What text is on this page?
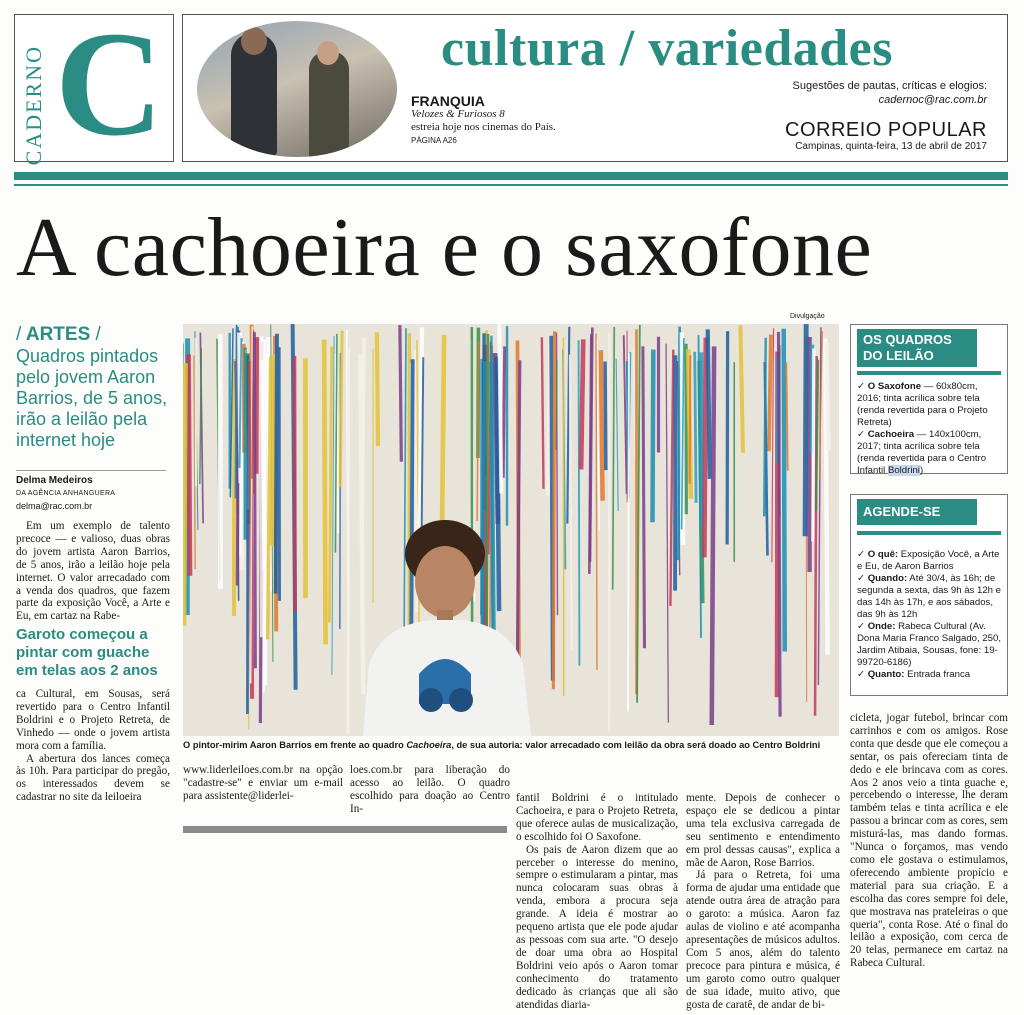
CADERNO C	cultura / variedades
FRANQUIA
Velozes & Furiosos 8
estreia hoje nos cinemas do País. PÁGINA A26
Sugestões de pautas, críticas e elogios:
cadernoc@rac.com.br
CORREIO POPULAR
Campinas, quinta-feira, 13 de abril de 2017
A cachoeira e o saxofone
/ ARTES /
Quadros pintados pelo jovem Aaron Barrios, de 5 anos, irão a leilão pela internet hoje
Delma Medeiros
DA AGÊNCIA ANHANGUERA
delma@rac.com.br

Em um exemplo de talento precoce — e valioso, duas obras do jovem artista Aaron Barrios, de 5 anos, irão a leilão hoje pela internet. O valor arrecadado com a venda dos quadros, que fazem parte da exposição Você, a Arte e Eu, em cartaz na Rabe-

Garoto começou a pintar com guache em telas aos 2 anos

ca Cultural, em Sousas, será revertido para o Centro Infantil Boldrini e o Projeto Retreta, de Vinhedo — onde o jovem artista mora com a família.

A abertura dos lances começa às 10h. Para participar do pregão, os interessados devem se cadastrar no site da leiloeira

Divulgação
O pintor-mirim Aaron Barrios em frente ao quadro Cachoeira, de sua autoria: valor arrecadado com leilão da obra será doado ao Centro Boldrini

www.liderleiloes.com.br na opção "cadastre-se" e enviar um e-mail para assistente@liderlei-

loes.com.br para liberação do acesso ao leilão. O quadro escolhido para doação ao Centro In-

fantil Boldrini é o intitulado Cachoeira, e para o Projeto Retreta, que oferece aulas de musicalização, o escolhido foi O Saxofone.

Os pais de Aaron dizem que ao perceber o interesse do menino, sempre o estimularam a pintar, mas nunca colocaram suas obras à venda, embora a procura seja grande. A ideia é mostrar ao pequeno artista que ele pode ajudar as pessoas com sua arte. "O desejo de doar uma obra ao Hospital Boldrini veio após o Aaron tomar conhecimento do tratamento dedicado às crianças que ali são atendidas diaria-

mente. Depois de conhecer o espaço ele se dedicou a pintar uma tela exclusiva carregada de seu sentimento e entendimento em prol dessas causas", explica a mãe de Aaron, Rose Barrios.

Já para o Retreta, foi uma forma de ajudar uma entidade que atende outra área de atração para o garoto: a música. Aaron faz aulas de violino e até acompanha apresentações de músicos adultos. Com 5 anos, além do talento precoce para pintura e música, é um garoto como outro qualquer de sua idade, muito ativo, que gosta de caratê, de andar de bi-

cicleta, jogar futebol, brincar com carrinhos e com os amigos. Rose conta que desde que ele começou a sentar, os pais ofereciam tinta de dedo e ele brincava com as cores. Aos 2 anos veio a tinta guache e, percebendo o interesse, lhe deram também telas e tinta acrílica e ele passou a brincar com as cores, sem misturá-las, mas dando formas. "Nunca o forçamos, mas vendo como ele gostava o estimulamos, oferecendo ambiente propício e material para sua criação. E a escolha das cores sempre foi dele, que mostrava nas prateleiras o que queria", conta Rose. Até o final do leilão a exposição, com cerca de 20 telas, permanece em cartaz na Rabeca Cultural.

OS QUADROS DO LEILÃO
✓ O Saxofone — 60x80cm, 2016; tinta acrílica sobre tela (renda revertida para o Projeto Retreta)
✓ Cachoeira — 140x100cm, 2017; tinta acrílica sobre tela (renda revertida para o Centro Infantil Boldrini)
AGENDE-SE
✓ O quê: Exposição Você, a Arte e Eu, de Aaron Barrios
✓ Quando: Até 30/4, às 16h; de segunda a sexta, das 9h às 12h e das 14h às 17h, e aos sábados, das 9h às 12h
✓ Onde: Rabeca Cultural (Av. Dona Maria Franco Salgado, 250, Jardim Atibaia, Sousas, fone: 19-99720-6186)
✓ Quanto: Entrada franca
